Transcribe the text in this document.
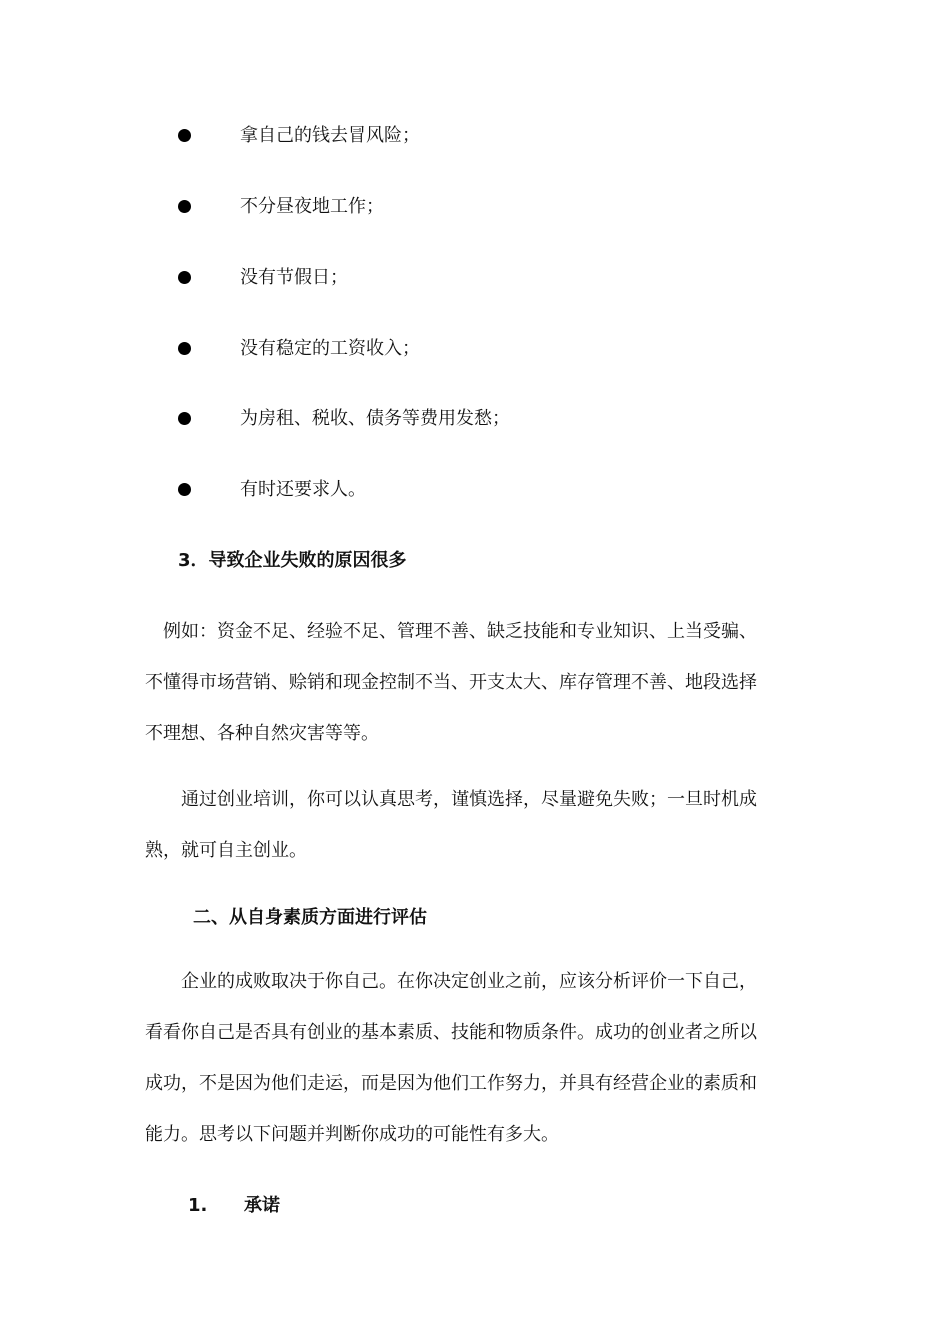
拿自己的钱去冒风险；
不分昼夜地工作；
没有节假日；
没有稳定的工资收入；
为房租、税收、债务等费用发愁；
有时还要求人。
3．导致企业失败的原因很多
　例如：资金不足、经验不足、管理不善、缺乏技能和专业知识、上当受骗、
不懂得市场营销、赊销和现金控制不当、开支太大、库存管理不善、地段选择
不理想、各种自然灾害等等。
　　通过创业培训，你可以认真思考，谨慎选择，尽量避免失败；一旦时机成
熟，就可自主创业。
二、从自身素质方面进行评估
　　企业的成败取决于你自己。在你决定创业之前，应该分析评价一下自己，
看看你自己是否具有创业的基本素质、技能和物质条件。成功的创业者之所以
成功，不是因为他们走运，而是因为他们工作努力，并具有经营企业的素质和
能力。思考以下问题并判断你成功的可能性有多大。
1. 承诺
